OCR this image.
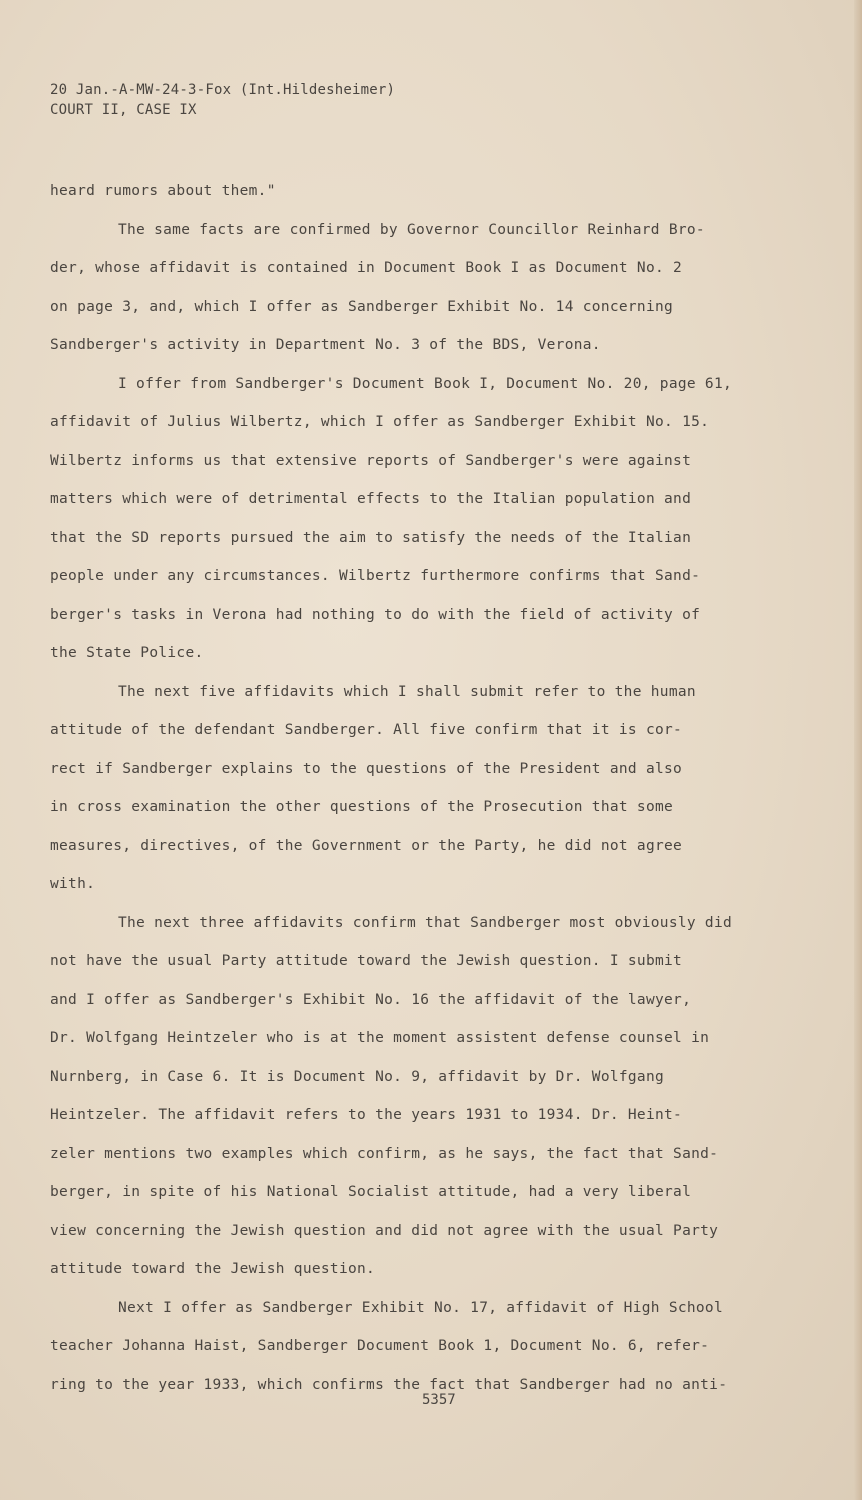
20 Jan.-A-MW-24-3-Fox (Int.Hildesheimer)
COURT II, CASE IX
heard rumors about them."
The same facts are confirmed by Governor Councillor Reinhard Bro-
der, whose affidavit is contained in Document Book I as Document No. 2
on page 3, and, which I offer as Sandberger Exhibit No. 14 concerning
Sandberger's activity in Department No. 3 of the BDS, Verona.
I offer from Sandberger's Document Book I, Document No. 20, page 61,
affidavit of Julius Wilbertz, which I offer as Sandberger Exhibit No. 15.
Wilbertz informs us that extensive reports of Sandberger's were against
matters which were of detrimental effects to the Italian population and
that the SD reports pursued the aim to satisfy the needs of the Italian
people under any circumstances. Wilbertz furthermore confirms that Sand-
berger's tasks in Verona had nothing to do with the field of activity of
the State Police.
The next five affidavits which I shall submit refer to the human
attitude of the defendant Sandberger. All five confirm that it is cor-
rect if Sandberger explains to the questions of the President and also
in cross examination the other questions of the Prosecution that some
measures, directives, of the Government or the Party, he did not agree
with.
The next three affidavits confirm that Sandberger most obviously did
not have the usual Party attitude toward the Jewish question. I submit
and I offer as Sandberger's Exhibit No. 16 the affidavit of the lawyer,
Dr. Wolfgang Heintzeler who is at the moment assistent defense counsel in
Nurnberg, in Case 6. It is Document No. 9, affidavit by Dr. Wolfgang
Heintzeler. The affidavit refers to the years 1931 to 1934. Dr. Heint-
zeler mentions two examples which confirm, as he says, the fact that Sand-
berger, in spite of his National Socialist attitude, had a very liberal
view concerning the Jewish question and did not agree with the usual Party
attitude toward the Jewish question.
Next I offer as Sandberger Exhibit No. 17, affidavit of High School
teacher Johanna Haist, Sandberger Document Book 1, Document No. 6, refer-
ring to the year 1933, which confirms the fact that Sandberger had no anti-
5357
